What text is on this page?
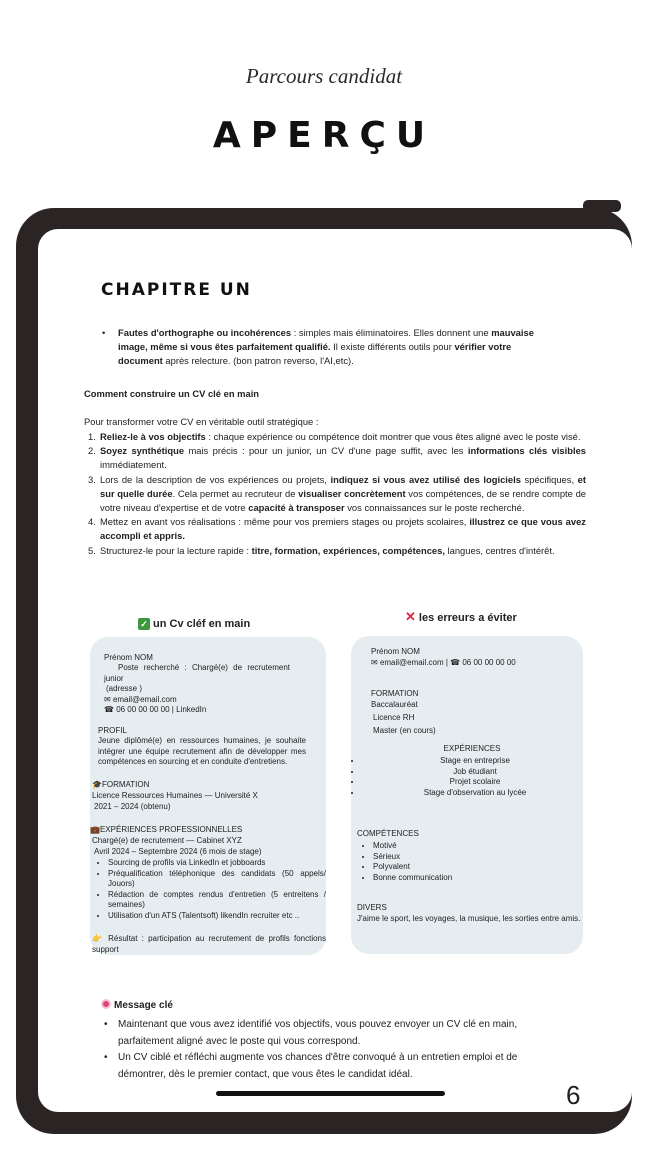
Parcours candidat
APERÇU
CHAPITRE UN
• Fautes d'orthographe ou incohérences : simples mais éliminatoires. Elles donnent une mauvaise image, même si vous êtes parfaitement qualifié. Il existe différents outils pour vérifier votre document après relecture. (bon patron reverso, l'AI,etc).
Comment construire un CV clé en main
Pour transformer votre CV en véritable outil stratégique :
1. Reliez-le à vos objectifs : chaque expérience ou compétence doit montrer que vous êtes aligné avec le poste visé.
2. Soyez synthétique mais précis : pour un junior, un CV d'une page suffit, avec les informations clés visibles immédiatement.
3. Lors de la description de vos expériences ou projets, indiquez si vous avez utilisé des logiciels spécifiques, et sur quelle durée. Cela permet au recruteur de visualiser concrètement vos compétences, de se rendre compte de votre niveau d'expertise et de votre capacité à transposer vos connaissances sur le poste recherché.
4. Mettez en avant vos réalisations : même pour vos premiers stages ou projets scolaires, illustrez ce que vous avez accompli et appris.
5. Structurez-le pour la lecture rapide : titre, formation, expériences, compétences, langues, centres d'intérêt.
✓ un Cv cléf en main	✕ les erreurs a éviter
Prénom NOM
Poste recherché : Chargé(e) de recrutement junior
(adresse )
✉ email@email.com
☎ 06 00 00 00 00 | LinkedIn
PROFIL
Jeune diplômé(e) en ressources humaines, je souhaite intégrer une équipe recrutement afin de développer mes compétences en sourcing et en conduite d'entretiens.
🎓FORMATION
Licence Ressources Humaines — Université X
2021 – 2024 (obtenu)
💼EXPÉRIENCES PROFESSIONNELLES
Chargé(e) de recrutement — Cabinet XYZ
Avril 2024 – Septembre 2024 (6 mois de stage)
• Sourcing de profils via LinkedIn et jobboards
• Préqualification téléphonique des candidats (50 appels/ Jouors)
• Rédaction de comptes rendus d'entretien (5 entreitens / semaines)
• Utilisation d'un ATS (Talentsoft) likendIn recruiter etc ..
👉 Résultat : participation au recrutement de profils fonctions support
Prénom NOM
✉ email@email.com | ☎ 06 00 00 00 00
FORMATION
Baccalauréat
Licence RH
Master (en cours)
EXPÉRIENCES
• Stage en entreprise
• Job étudiant
• Projet scolaire
• Stage d'observation au lycée
COMPÉTENCES
• Motivé
• Sérieux
• Polyvalent
• Bonne communication
DIVERS
J'aime le sport, les voyages, la musique, les sorties entre amis.
Message clé
•	Maintenant que vous avez identifié vos objectifs, vous pouvez envoyer un CV clé en main, parfaitement aligné avec le poste qui vous correspond.
•	Un CV ciblé et réfléchi augmente vos chances d'être convoqué à un entretien emploi et de démontrer, dès le premier contact, que vous êtes le candidat idéal.
6
